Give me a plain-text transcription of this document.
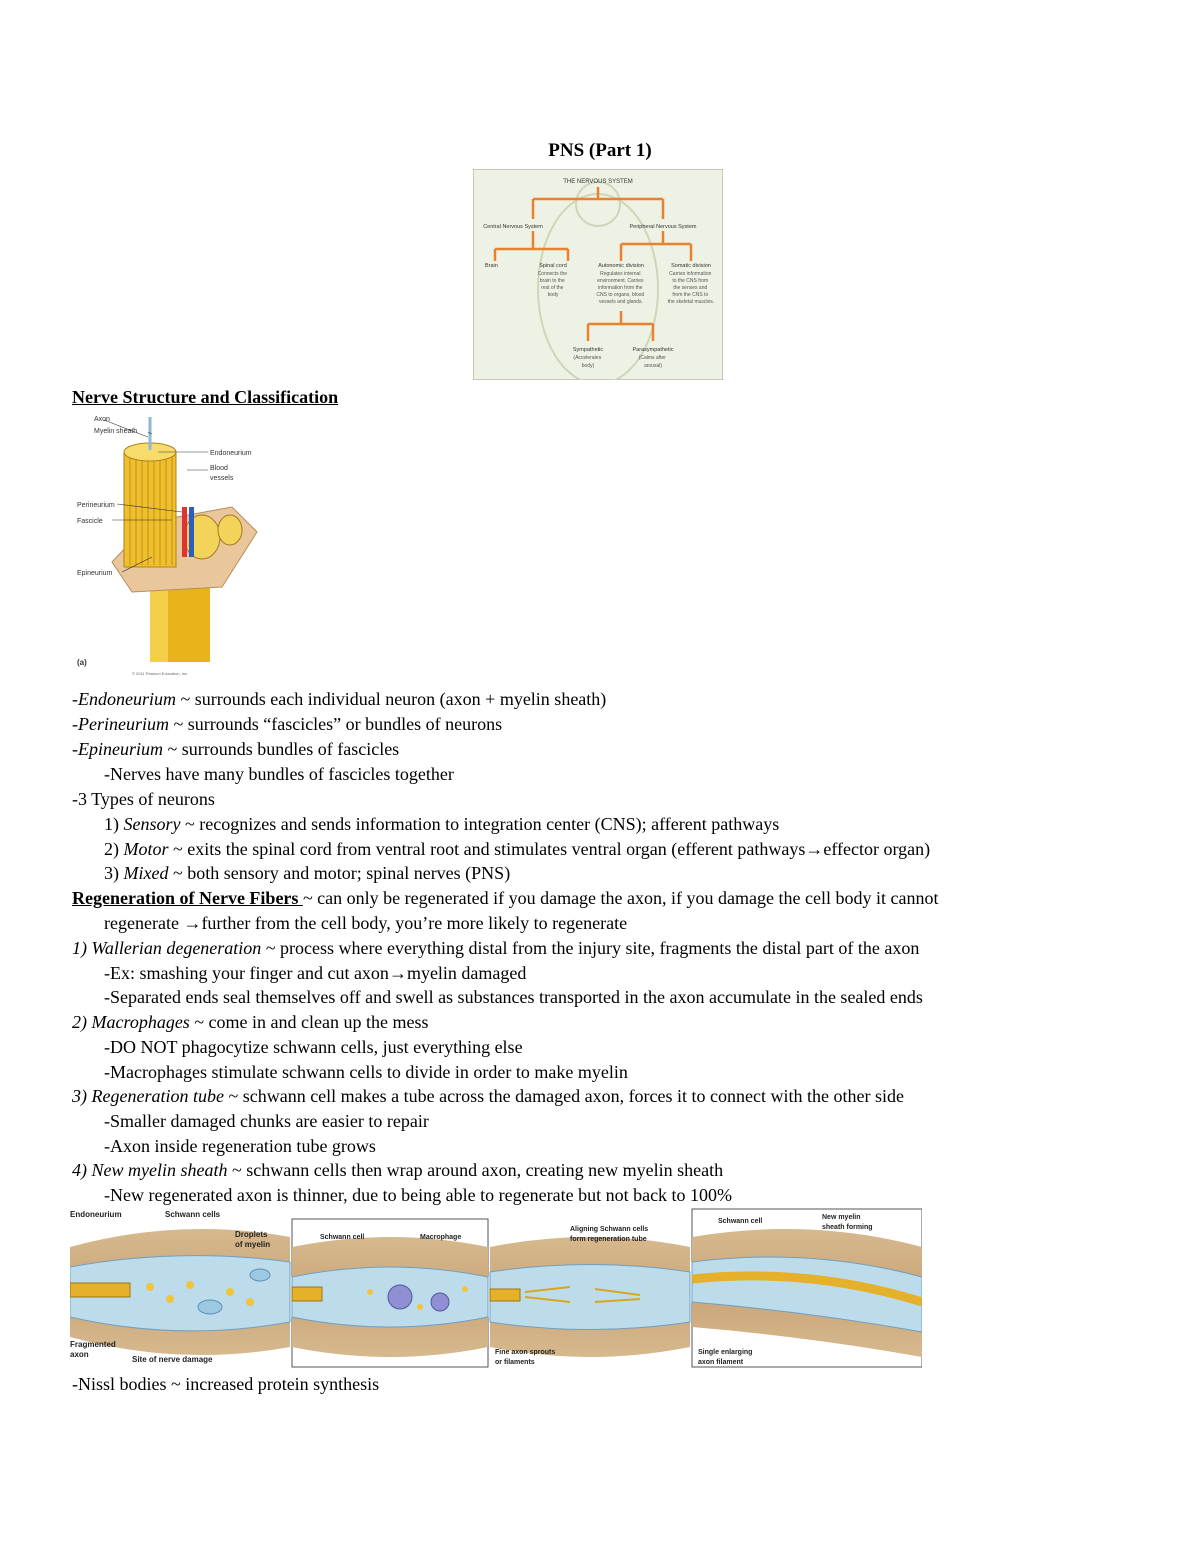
PNS (Part 1)
THE NERVOUS SYSTEM
Central Nervous System	Peripheral Nervous System
Brain	Spinal cord
Connects the brain to the rest of the body
Autonomic division
Regulates internal environment. Carries information from the CNS to organs, blood vessels and glands.
Somatic division
Carries information to the CNS from the senses and from the CNS to the skeletal muscles.
Sympathetic
(Accelerates body)
Parasympathetic
(Calms after arousal)
Nerve Structure and Classification
Axon
Myelin sheath
Endoneurium
Blood
vessels
Perineurium
Fascicle
Epineurium
(a)
© 2011 Pearson Education, Inc.
-Endoneurium ~ surrounds each individual neuron (axon + myelin sheath)
-Perineurium ~ surrounds “fascicles” or bundles of neurons
-Epineurium ~ surrounds bundles of fascicles
-Nerves have many bundles of fascicles together
-3 Types of neurons
1) Sensory ~ recognizes and sends information to integration center (CNS); afferent pathways
2) Motor ~ exits the spinal cord from ventral root and stimulates ventral organ (efferent pathways→effector organ)
3) Mixed ~ both sensory and motor; spinal nerves (PNS)
Regeneration of Nerve Fibers ~ can only be regenerated if you damage the axon, if you damage the cell body it cannot
regenerate →further from the cell body, you’re more likely to regenerate
1) Wallerian degeneration ~ process where everything distal from the injury site, fragments the distal part of the axon
-Ex: smashing your finger and cut axon→myelin damaged
-Separated ends seal themselves off and swell as substances transported in the axon accumulate in the sealed ends
2) Macrophages ~ come in and clean up the mess
-DO NOT phagocytize schwann cells, just everything else
-Macrophages stimulate schwann cells to divide in order to make myelin
3) Regeneration tube ~ schwann cell makes a tube across the damaged axon, forces it to connect with the other side
-Smaller damaged chunks are easier to repair
-Axon inside regeneration tube grows
4) New myelin sheath ~ schwann cells then wrap around axon, creating new myelin sheath
-New regenerated axon is thinner, due to being able to regenerate but not back to 100%
Endoneurium	Schwann cells
Droplets
of myelin
Fragmented
axon
Site of nerve damage
Schwann cell	Macrophage
Aligning Schwann cells
form regeneration tube
Fine axon sprouts
or filaments
Schwann cell
New myelin
sheath forming
Single enlarging
axon filament
-Nissl bodies ~ increased protein synthesis
